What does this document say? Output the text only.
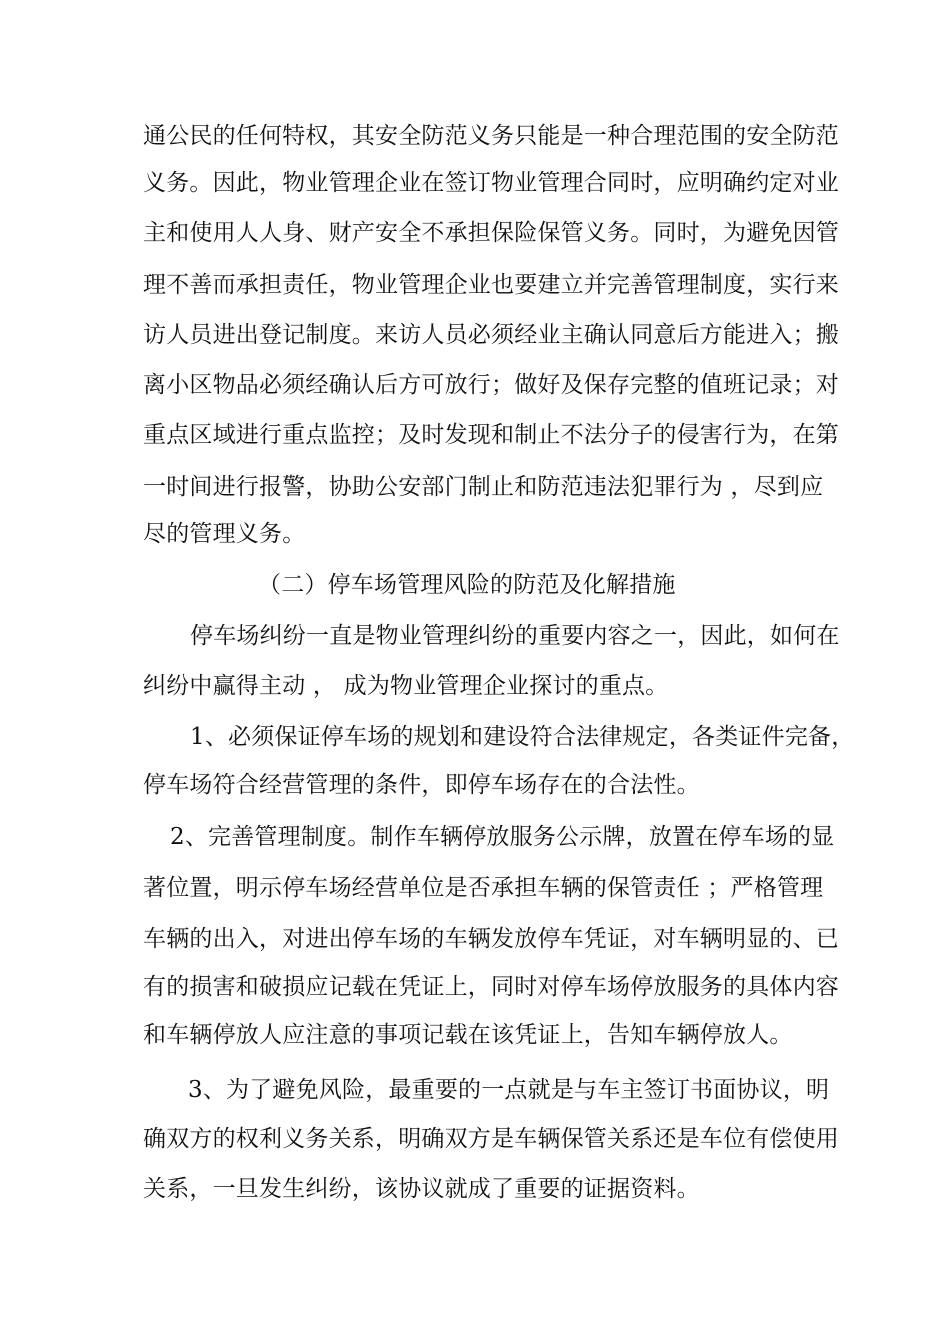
通公民的任何特权，其安全防范义务只能是一种合理范围的安全防范

义务。因此，物业管理企业在签订物业管理合同时，应明确约定对业

主和使用人人身、财产安全不承担保险保管义务。同时，为避免因管

理不善而承担责任，物业管理企业也要建立并完善管理制度，实行来

访人员进出登记制度。来访人员必须经业主确认同意后方能进入；搬

离小区物品必须经确认后方可放行；做好及保存完整的值班记录；对

重点区域进行重点监控；及时发现和制止不法分子的侵害行为，在第

一时间进行报警，协助公安部门制止和防范违法犯罪行为 ，尽到应

尽的管理义务。

（二）停车场管理风险的防范及化解措施

停车场纠纷一直是物业管理纠纷的重要内容之一，因此，如何在

纠纷中赢得主动 ， 成为物业管理企业探讨的重点。

1、必须保证停车场的规划和建设符合法律规定，各类证件完备，

停车场符合经营管理的条件，即停车场存在的合法性。

2、完善管理制度。制作车辆停放服务公示牌，放置在停车场的显

著位置，明示停车场经营单位是否承担车辆的保管责任 ；严格管理

车辆的出入，对进出停车场的车辆发放停车凭证，对车辆明显的、已

有的损害和破损应记载在凭证上，同时对停车场停放服务的具体内容

和车辆停放人应注意的事项记载在该凭证上，告知车辆停放人。

3、为了避免风险，最重要的一点就是与车主签订书面协议，明

确双方的权利义务关系，明确双方是车辆保管关系还是车位有偿使用

关系，一旦发生纠纷，该协议就成了重要的证据资料。
